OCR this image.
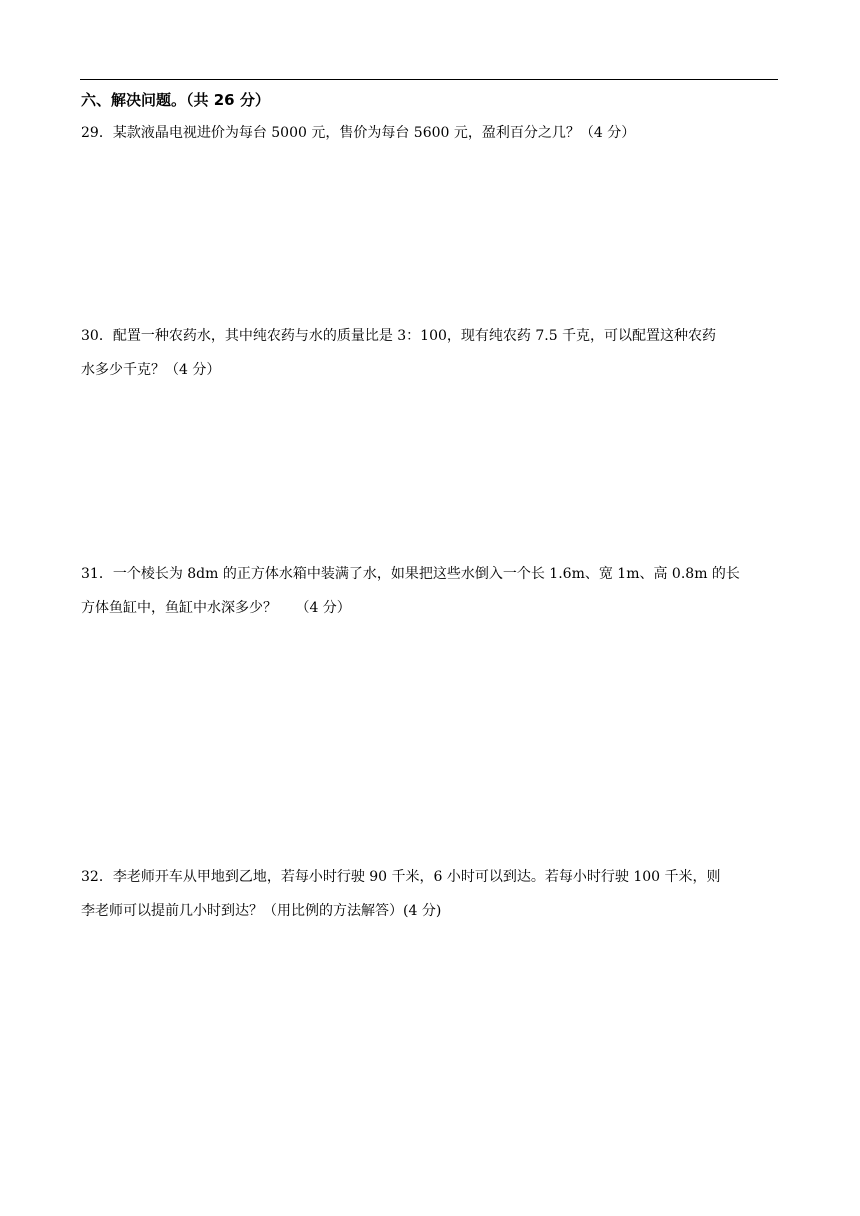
六、解决问题。（共 26 分）
29．某款液晶电视进价为每台 5000 元，售价为每台 5600 元，盈利百分之几？（4 分）
30．配置一种农药水，其中纯农药与水的质量比是 3：100，现有纯农药 7.5 千克，可以配置这种农药
水多少千克？（4 分）
31．一个棱长为 8dm 的正方体水箱中装满了水，如果把这些水倒入一个长 1.6m、宽 1m、高 0.8m 的长
方体鱼缸中，鱼缸中水深多少？　 （4 分）
32．李老师开车从甲地到乙地，若每小时行驶 90 千米，6 小时可以到达。若每小时行驶 100 千米，则
李老师可以提前几小时到达？（用比例的方法解答）(4 分)
